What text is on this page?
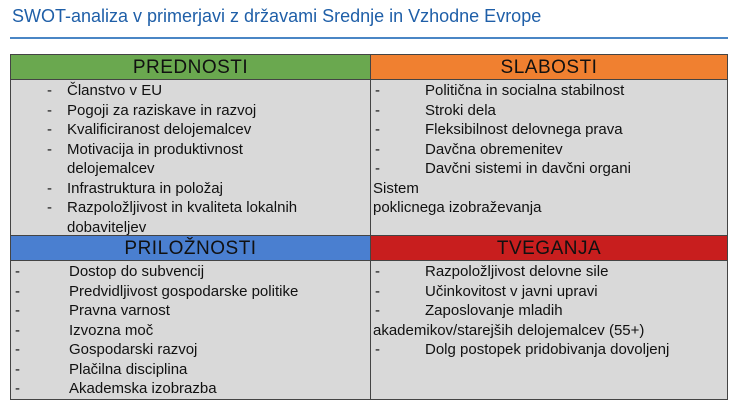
SWOT-analiza v primerjavi z državami Srednje in Vzhodne Evrope
PREDNOSTI
- Članstvo v EU
- Pogoji za raziskave in razvoj
- Kvalificiranost delojemalcev
- Motivacija in produktivnost delojemalcev
- Infrastruktura in položaj
- Razpoložljivost in kvaliteta lokalnih dobaviteljev
SLABOSTI
-	Politična in socialna stabilnost
-	Stroki dela
-	Fleksibilnost delovnega prava
-	Davčna obremenitev
-	Davčni sistemi in davčni organi
Sistem
poklicnega izobraževanja
PRILOŽNOSTI
-	Dostop do subvencij
-	Predvidljivost gospodarske politike
-	Pravna varnost
-	Izvozna moč
-	Gospodarski razvoj
-	Plačilna disciplina
-	Akademska izobrazba
TVEGANJA
-	Razpoložljivost delovne sile
-	Učinkovitost v javni upravi
-	Zaposlovanje mladih
akademikov/starejših delojemalcev (55+)
-	Dolg postopek pridobivanja dovoljenj
